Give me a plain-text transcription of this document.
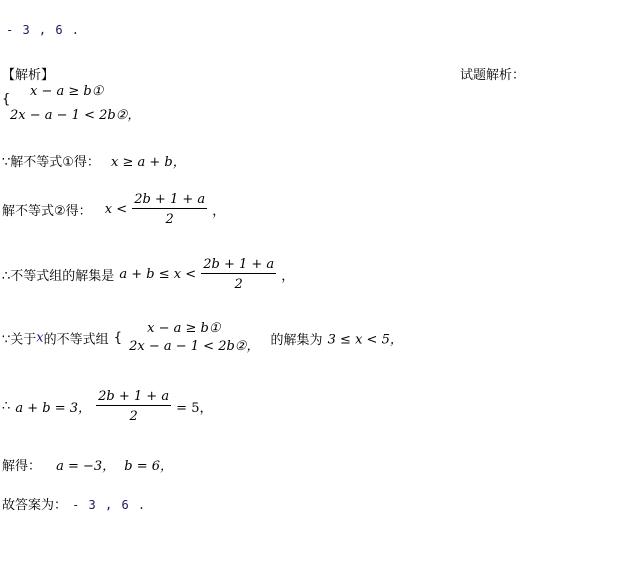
- 3 , 6 .
【解析】	试题解析：
{
x − a ≥ b①
2x − a − 1 < 2b②，
∵解不等式①得： x ≥ a + b，
解不等式②得： $x < \frac{2b + 1 + a}{2}$ ，
∴不等式组的解集是 $a + b \le x < \frac{2b + 1 + a}{2}$ ，
∵关于x的不等式组 {
x − a ≥ b①
2x − a − 1 < 2b②， 的解集为 3 ≤ x < 5，
∴ a + b = 3， $\frac{2b + 1 + a}{2} = 5$，
解得： a = −3， b = 6，
故答案为： - 3 , 6 .
